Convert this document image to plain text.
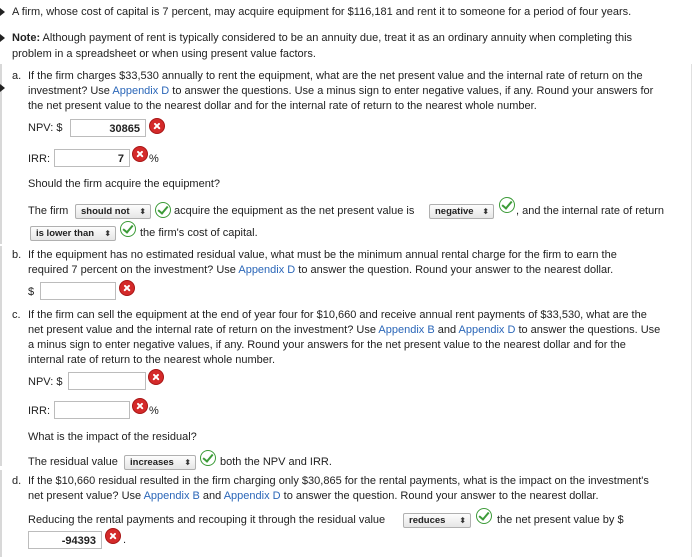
A firm, whose cost of capital is 7 percent, may acquire equipment for $116,181 and rent it to someone for a period of four years.
Note: Although payment of rent is typically considered to be an annuity due, treat it as an ordinary annuity when completing this
problem in a spreadsheet or when using present value factors.
a. If the firm charges $33,530 annually to rent the equipment, what are the net present value and the internal rate of return on the
investment? Use Appendix D to answer the questions. Use a minus sign to enter negative values, if any. Round your answers for
the net present value to the nearest dollar and for the internal rate of return to the nearest whole number.
NPV: $	30865
IRR:	7	%
Should the firm acquire the equipment?
The firm	should not ⬍	acquire the equipment as the net present value is	negative ⬍ , and the internal rate of return
is lower than ⬍	the firm's cost of capital.
b. If the equipment has no estimated residual value, what must be the minimum annual rental charge for the firm to earn the
required 7 percent on the investment? Use Appendix D to answer the question. Round your answer to the nearest dollar.
$
c. If the firm can sell the equipment at the end of year four for $10,660 and receive annual rent payments of $33,530, what are the
net present value and the internal rate of return on the investment? Use Appendix B and Appendix D to answer the questions. Use
a minus sign to enter negative values, if any. Round your answers for the net present value to the nearest dollar and for the
internal rate of return to the nearest whole number.
NPV: $
IRR:	%
What is the impact of the residual?
The residual value	increases ⬍	both the NPV and IRR.
d. If the $10,660 residual resulted in the firm charging only $30,865 for the rental payments, what is the impact on the investment's
net present value? Use Appendix B and Appendix D to answer the question. Round your answer to the nearest dollar.
Reducing the rental payments and recouping it through the residual value	reduces ⬍	the net present value by $
-94393	.
